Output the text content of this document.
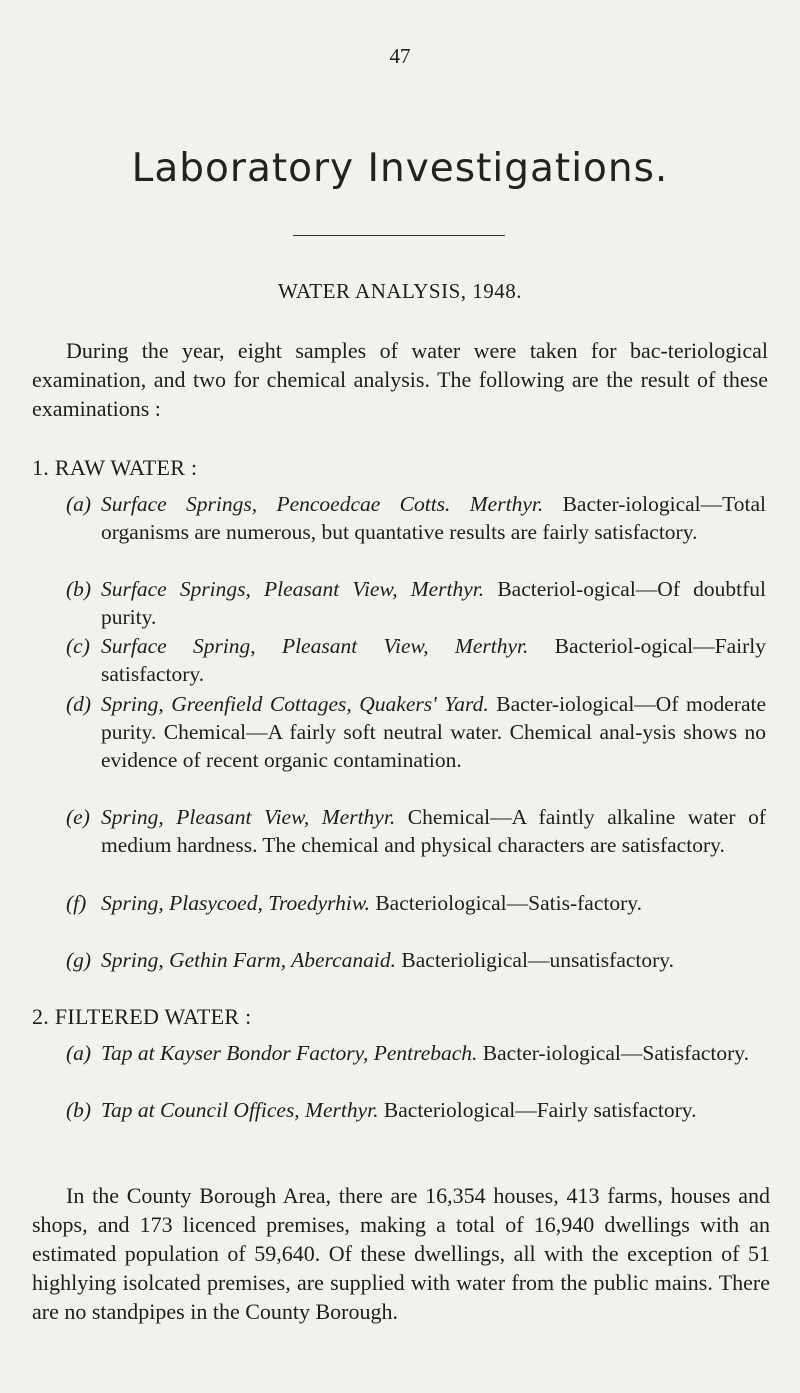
47
Laboratory Investigations.
WATER ANALYSIS, 1948.

During the year, eight samples of water were taken for bac-teriological examination, and two for chemical analysis. The following are the result of these examinations :

1. RAW WATER :
(a) Surface Springs, Pencoedcae Cotts. Merthyr. Bacter-iological—Total organisms are numerous, but quantative results are fairly satisfactory.
(b) Surface Springs, Pleasant View, Merthyr. Bacteriol-ogical—Of doubtful purity.
(c) Surface Spring, Pleasant View, Merthyr. Bacteriol-ogical—Fairly satisfactory.
(d) Spring, Greenfield Cottages, Quakers' Yard. Bacter-iological—Of moderate purity. Chemical—A fairly soft neutral water. Chemical anal-ysis shows no evidence of recent organic contamination.
(e) Spring, Pleasant View, Merthyr. Chemical—A faintly alkaline water of medium hardness. The chemical and physical characters are satisfactory.
(f) Spring, Plasycoed, Troedyrhiw. Bacteriological—Satis-factory.
(g) Spring, Gethin Farm, Abercanaid. Bacterioligical—unsatisfactory.
2. FILTERED WATER :
(a) Tap at Kayser Bondor Factory, Pentrebach. Bacter-iological—Satisfactory.
(b) Tap at Council Offices, Merthyr. Bacteriological—Fairly satisfactory.

In the County Borough Area, there are 16,354 houses, 413 farms, houses and shops, and 173 licenced premises, making a total of 16,940 dwellings with an estimated population of 59,640. Of these dwellings, all with the exception of 51 highlying isolcated premises, are supplied with water from the public mains. There are no standpipes in the County Borough.
